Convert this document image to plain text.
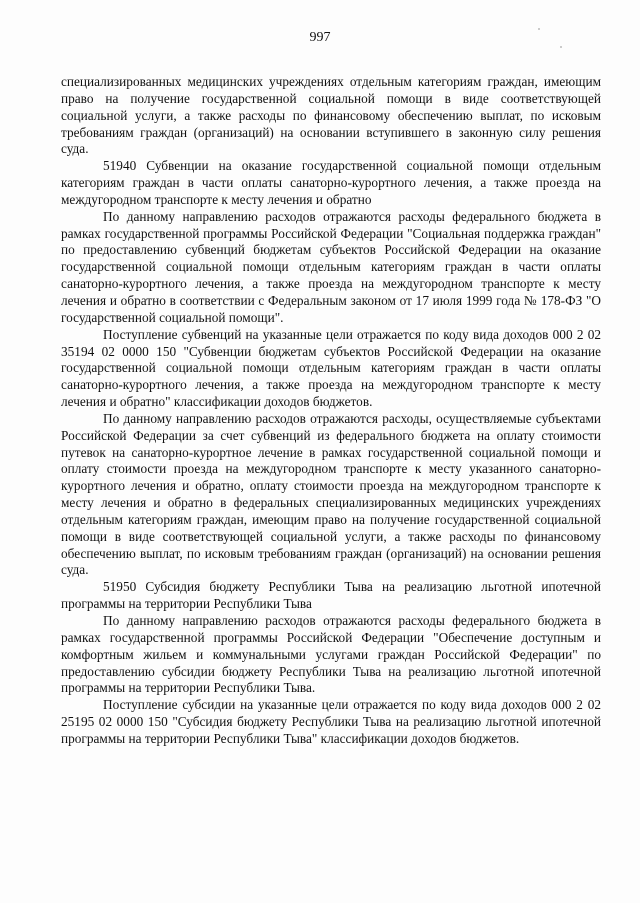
997

специализированных медицинских учреждениях отдельным категориям граждан, имеющим право на получение государственной социальной помощи в виде соответствующей социальной услуги, а также расходы по финансовому обеспечению выплат, по исковым требованиям граждан (организаций) на основании вступившего в законную силу решения суда.

51940 Субвенции на оказание государственной социальной помощи отдельным категориям граждан в части оплаты санаторно-курортного лечения, а также проезда на междугородном транспорте к месту лечения и обратно

По данному направлению расходов отражаются расходы федерального бюджета в рамках государственной программы Российской Федерации "Социальная поддержка граждан" по предоставлению субвенций бюджетам субъектов Российской Федерации на оказание государственной социальной помощи отдельным категориям граждан в части оплаты санаторно-курортного лечения, а также проезда на междугородном транспорте к месту лечения и обратно в соответствии с Федеральным законом от 17 июля 1999 года № 178-ФЗ "О государственной социальной помощи".

Поступление субвенций на указанные цели отражается по коду вида доходов 000 2 02 35194 02 0000 150 "Субвенции бюджетам субъектов Российской Федерации на оказание государственной социальной помощи отдельным категориям граждан в части оплаты санаторно-курортного лечения, а также проезда на междугородном транспорте к месту лечения и обратно" классификации доходов бюджетов.

По данному направлению расходов отражаются расходы, осуществляемые субъектами Российской Федерации за счет субвенций из федерального бюджета на оплату стоимости путевок на санаторно-курортное лечение в рамках государственной социальной помощи и оплату стоимости проезда на междугородном транспорте к месту указанного санаторно-курортного лечения и обратно, оплату стоимости проезда на междугородном транспорте к месту лечения и обратно в федеральных специализированных медицинских учреждениях отдельным категориям граждан, имеющим право на получение государственной социальной помощи в виде соответствующей социальной услуги, а также расходы по финансовому обеспечению выплат, по исковым требованиям граждан (организаций) на основании решения суда.

51950 Субсидия бюджету Республики Тыва на реализацию льготной ипотечной программы на территории Республики Тыва

По данному направлению расходов отражаются расходы федерального бюджета в рамках государственной программы Российской Федерации "Обеспечение доступным и комфортным жильем и коммунальными услугами граждан Российской Федерации" по предоставлению субсидии бюджету Республики Тыва на реализацию льготной ипотечной программы на территории Республики Тыва.

Поступление субсидии на указанные цели отражается по коду вида доходов 000 2 02 25195 02 0000 150 "Субсидия бюджету Республики Тыва на реализацию льготной ипотечной программы на территории Республики Тыва" классификации доходов бюджетов.
